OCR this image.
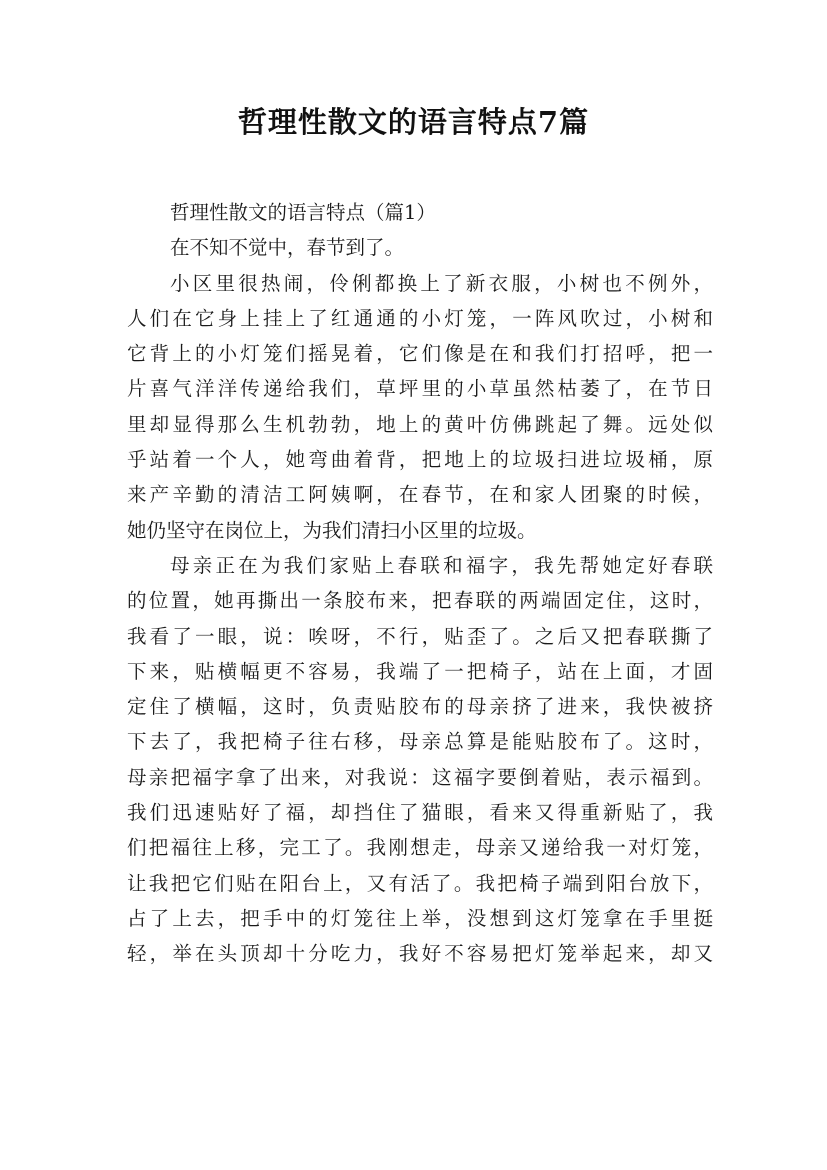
哲理性散文的语言特点7篇
哲理性散文的语言特点（篇1）
在不知不觉中，春节到了。
小区里很热闹，伶俐都换上了新衣服，小树也不例外，
人们在它身上挂上了红通通的小灯笼，一阵风吹过，小树和
它背上的小灯笼们摇晃着，它们像是在和我们打招呼，把一
片喜气洋洋传递给我们，草坪里的小草虽然枯萎了，在节日
里却显得那么生机勃勃，地上的黄叶仿佛跳起了舞。远处似
乎站着一个人，她弯曲着背，把地上的垃圾扫进垃圾桶，原
来产辛勤的清洁工阿姨啊，在春节，在和家人团聚的时候，
她仍坚守在岗位上，为我们清扫小区里的垃圾。
母亲正在为我们家贴上春联和福字，我先帮她定好春联
的位置，她再撕出一条胶布来，把春联的两端固定住，这时，
我看了一眼，说：唉呀，不行，贴歪了。之后又把春联撕了
下来，贴横幅更不容易，我端了一把椅子，站在上面，才固
定住了横幅，这时，负责贴胶布的母亲挤了进来，我快被挤
下去了，我把椅子往右移，母亲总算是能贴胶布了。这时，
母亲把福字拿了出来，对我说：这福字要倒着贴，表示福到。
我们迅速贴好了福，却挡住了猫眼，看来又得重新贴了，我
们把福往上移，完工了。我刚想走，母亲又递给我一对灯笼，
让我把它们贴在阳台上，又有活了。我把椅子端到阳台放下，
占了上去，把手中的灯笼往上举，没想到这灯笼拿在手里挺
轻，举在头顶却十分吃力，我好不容易把灯笼举起来，却又
